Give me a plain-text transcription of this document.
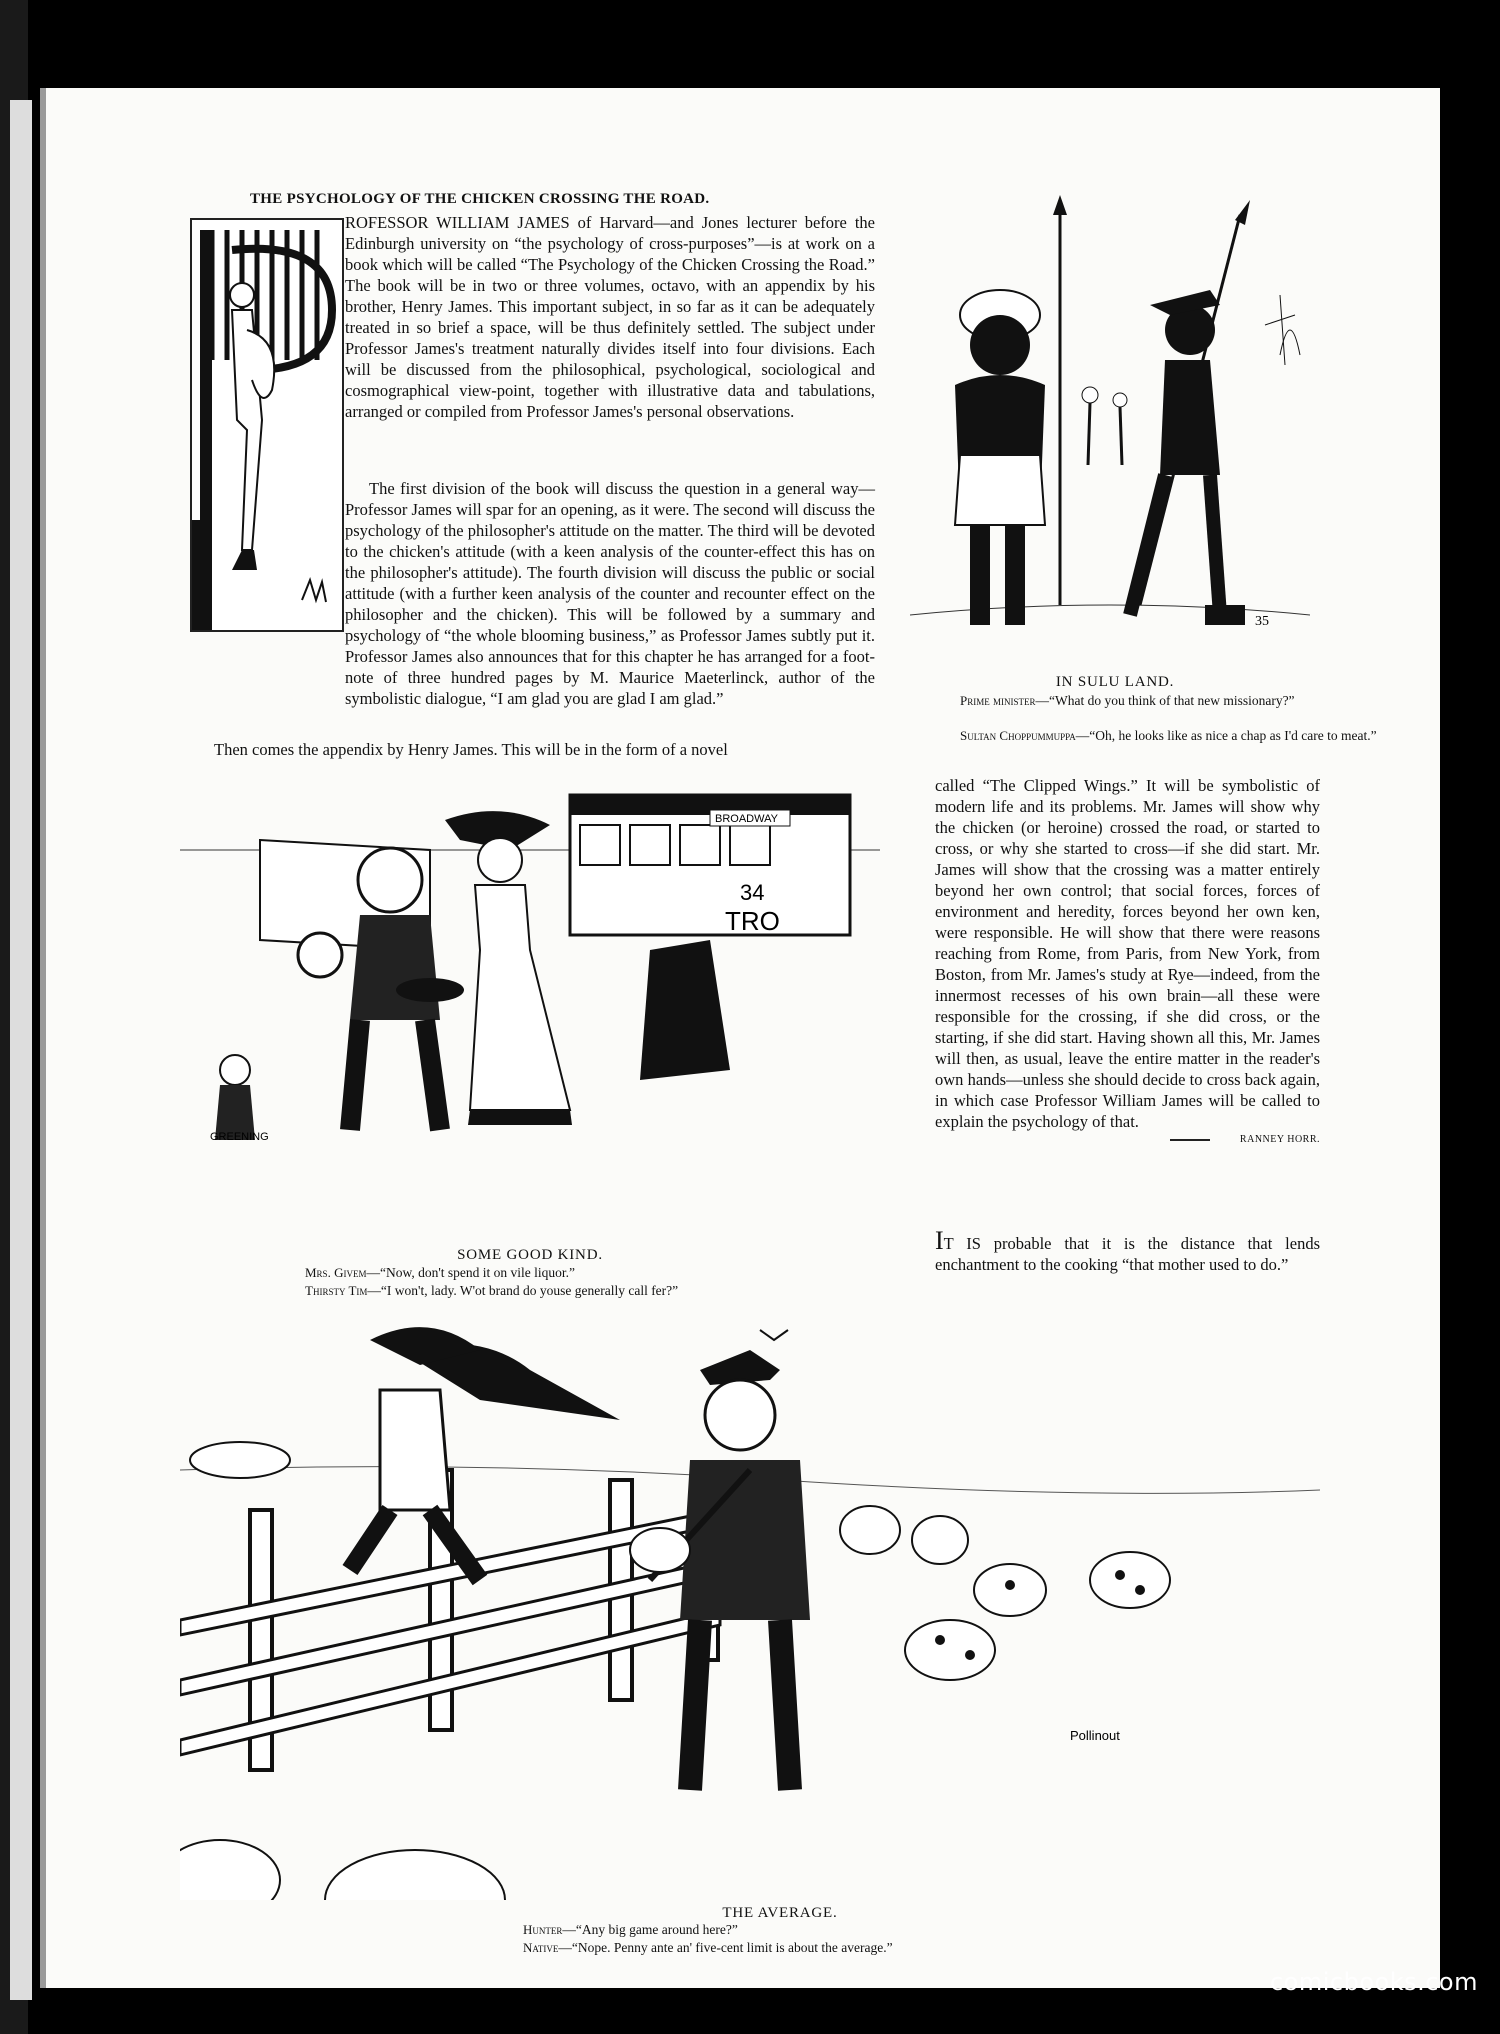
THE PSYCHOLOGY OF THE CHICKEN CROSSING THE ROAD.

ROFESSOR WILLIAM JAMES of Harvard—and Jones lecturer before the Edinburgh university on “the psychology of cross-purposes”—is at work on a book which will be called “The Psychology of the Chicken Crossing the Road.” The book will be in two or three volumes, octavo, with an appendix by his brother, Henry James. This important subject, in so far as it can be adequately treated in so brief a space, will be thus definitely settled. The subject under Professor James's treatment naturally divides itself into four divisions. Each will be discussed from the philosophical, psychological, sociological and cosmographical view-point, together with illustrative data and tabulations, arranged or compiled from Professor James's personal observations.

The first division of the book will discuss the question in a general way—Professor James will spar for an opening, as it were. The second will discuss the psychology of the philosopher's attitude on the matter. The third will be devoted to the chicken's attitude (with a keen analysis of the counter-effect this has on the philosopher's attitude). The fourth division will discuss the public or social attitude (with a further keen analysis of the counter and recounter effect on the philosopher and the chicken). This will be followed by a summary and psychology of “the whole blooming business,” as Professor James subtly put it. Professor James also announces that for this chapter he has arranged for a foot-note of three hundred pages by M. Maurice Maeterlinck, author of the symbolistic dialogue, “I am glad you are glad I am glad.”

Then comes the appendix by Henry James. This will be in the form of a novel

called “The Clipped Wings.” It will be symbolistic of modern life and its problems. Mr. James will show why the chicken (or heroine) crossed the road, or started to cross, or why she started to cross—if she did start. Mr. James will show that the crossing was a matter entirely beyond her own control; that social forces, forces of environment and heredity, forces beyond her own ken, were responsible. He will show that there were reasons reaching from Rome, from Paris, from New York, from Boston, from Mr. James's study at Rye—indeed, from the innermost recesses of his own brain—all these were responsible for the crossing, if she did cross, or the starting, if she did start. Having shown all this, Mr. James will then, as usual, leave the entire matter in the reader's own hands—unless she should decide to cross back again, in which case Professor William James will be called to explain the psychology of that.

RANNEY HORR.

IT IS probable that it is the distance that lends enchantment to the cooking “that mother used to do.”

35
IN SULU LAND.
Prime minister—“What do you think of that new missionary?”
Sultan Choppummuppa—“Oh, he looks like as nice a chap as I'd care to meat.”
BROADWAY
34
TRO
GREENING
SOME GOOD KIND.
Mrs. Givem—“Now, don't spend it on vile liquor.”
Thirsty Tim—“I won't, lady. W'ot brand do youse generally call fer?”
Pollinout
THE AVERAGE.
Hunter—“Any big game around here?”
Native—“Nope. Penny ante an' five-cent limit is about the average.”
comicbooks.com
